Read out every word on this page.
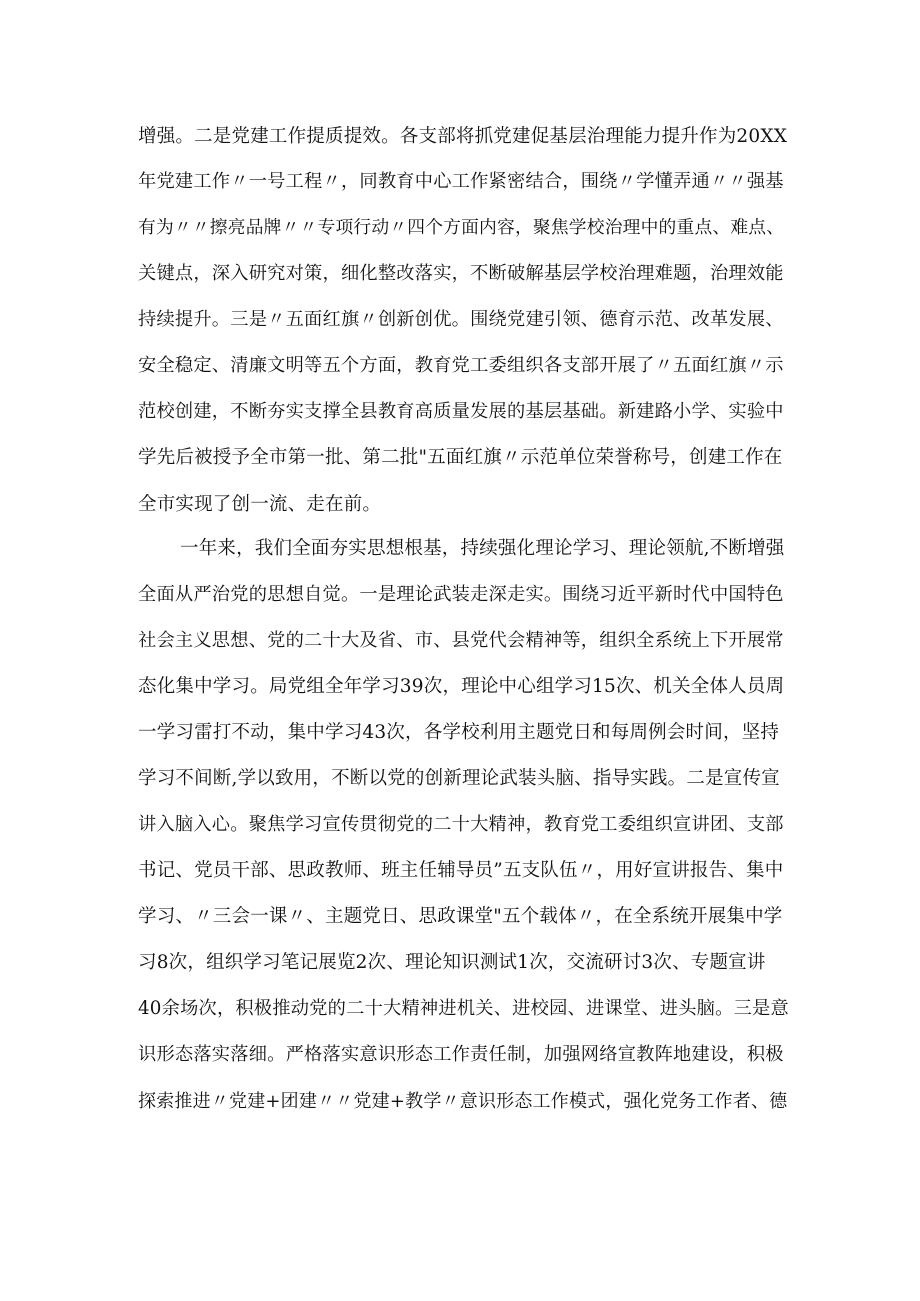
增强。二是党建工作提质提效。各支部将抓党建促基层治理能力提升作为20XX
年党建工作〃一号工程〃，同教育中心工作紧密结合，围绕〃学懂弄通〃〃强基
有为〃〃擦亮品牌〃〃专项行动〃四个方面内容，聚焦学校治理中的重点、难点、
关键点，深入研究对策，细化整改落实，不断破解基层学校治理难题，治理效能
持续提升。三是〃五面红旗〃创新创优。围绕党建引领、德育示范、改革发展、
安全稳定、清廉文明等五个方面，教育党工委组织各支部开展了〃五面红旗〃示
范校创建，不断夯实支撑全县教育高质量发展的基层基础。新建路小学、实验中
学先后被授予全市第一批、第二批"五面红旗〃示范单位荣誉称号，创建工作在
全市实现了创一流、走在前。
一年来，我们全面夯实思想根基，持续强化理论学习、理论领航,不断增强
全面从严治党的思想自觉。一是理论武装走深走实。围绕习近平新时代中国特色
社会主义思想、党的二十大及省、市、县党代会精神等，组织全系统上下开展常
态化集中学习。局党组全年学习39次，理论中心组学习15次、机关全体人员周
一学习雷打不动，集中学习43次，各学校利用主题党日和每周例会时间，坚持
学习不间断,学以致用，不断以党的创新理论武装头脑、指导实践。二是宣传宣
讲入脑入心。聚焦学习宣传贯彻党的二十大精神，教育党工委组织宣讲团、支部
书记、党员干部、思政教师、班主任辅导员”五支队伍〃，用好宣讲报告、集中
学习、〃三会一课〃、主题党日、思政课堂"五个载体〃，在全系统开展集中学
习8次，组织学习笔记展览2次、理论知识测试1次，交流研讨3次、专题宣讲
40余场次，积极推动党的二十大精神进机关、进校园、进课堂、进头脑。三是意
识形态落实落细。严格落实意识形态工作责任制，加强网络宣教阵地建设，积极
探索推进〃党建+团建〃〃党建+教学〃意识形态工作模式，强化党务工作者、德
